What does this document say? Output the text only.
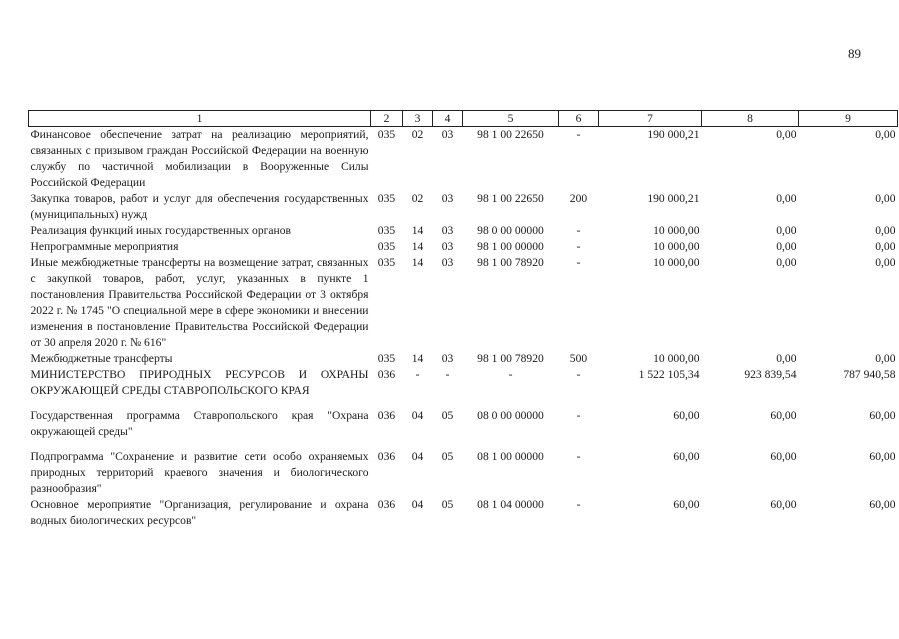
89
1	2	3	4	5	6	7	8	9
Финансовое обеспечение затрат на реализацию мероприятий, связанных с призывом граждан Российской Федерации на военную службу по частичной мобилизации в Вооруженные Силы Российской Федерации	035	02	03	98 1 00 22650	-	190 000,21	0,00	0,00
Закупка товаров, работ и услуг для обеспечения государственных (муниципальных) нужд	035	02	03	98 1 00 22650	200	190 000,21	0,00	0,00
Реализация функций иных государственных органов	035	14	03	98 0 00 00000	-	10 000,00	0,00	0,00
Непрограммные мероприятия	035	14	03	98 1 00 00000	-	10 000,00	0,00	0,00
Иные межбюджетные трансферты на возмещение затрат, связанных с закупкой товаров, работ, услуг, указанных в пункте 1 постановления Правительства Российской Федерации от 3 октября 2022 г. № 1745 "О специальной мере в сфере экономики и внесении изменения в постановление Правительства Российской Федерации от 30 апреля 2020 г. № 616"	035	14	03	98 1 00 78920	-	10 000,00	0,00	0,00
Межбюджетные трансферты	035	14	03	98 1 00 78920	500	10 000,00	0,00	0,00
МИНИСТЕРСТВО ПРИРОДНЫХ РЕСУРСОВ И ОХРАНЫ ОКРУЖАЮЩЕЙ СРЕДЫ СТАВРОПОЛЬСКОГО КРАЯ	036	-	-	-	-	1 522 105,34	923 839,54	787 940,58
Государственная программа Ставропольского края "Охрана окружающей среды"	036	04	05	08 0 00 00000	-	60,00	60,00	60,00
Подпрограмма "Сохранение и развитие сети особо охраняемых природных территорий краевого значения и биологического разнообразия"	036	04	05	08 1 00 00000	-	60,00	60,00	60,00
Основное мероприятие "Организация, регулирование и охрана водных биологических ресурсов"	036	04	05	08 1 04 00000	-	60,00	60,00	60,00
